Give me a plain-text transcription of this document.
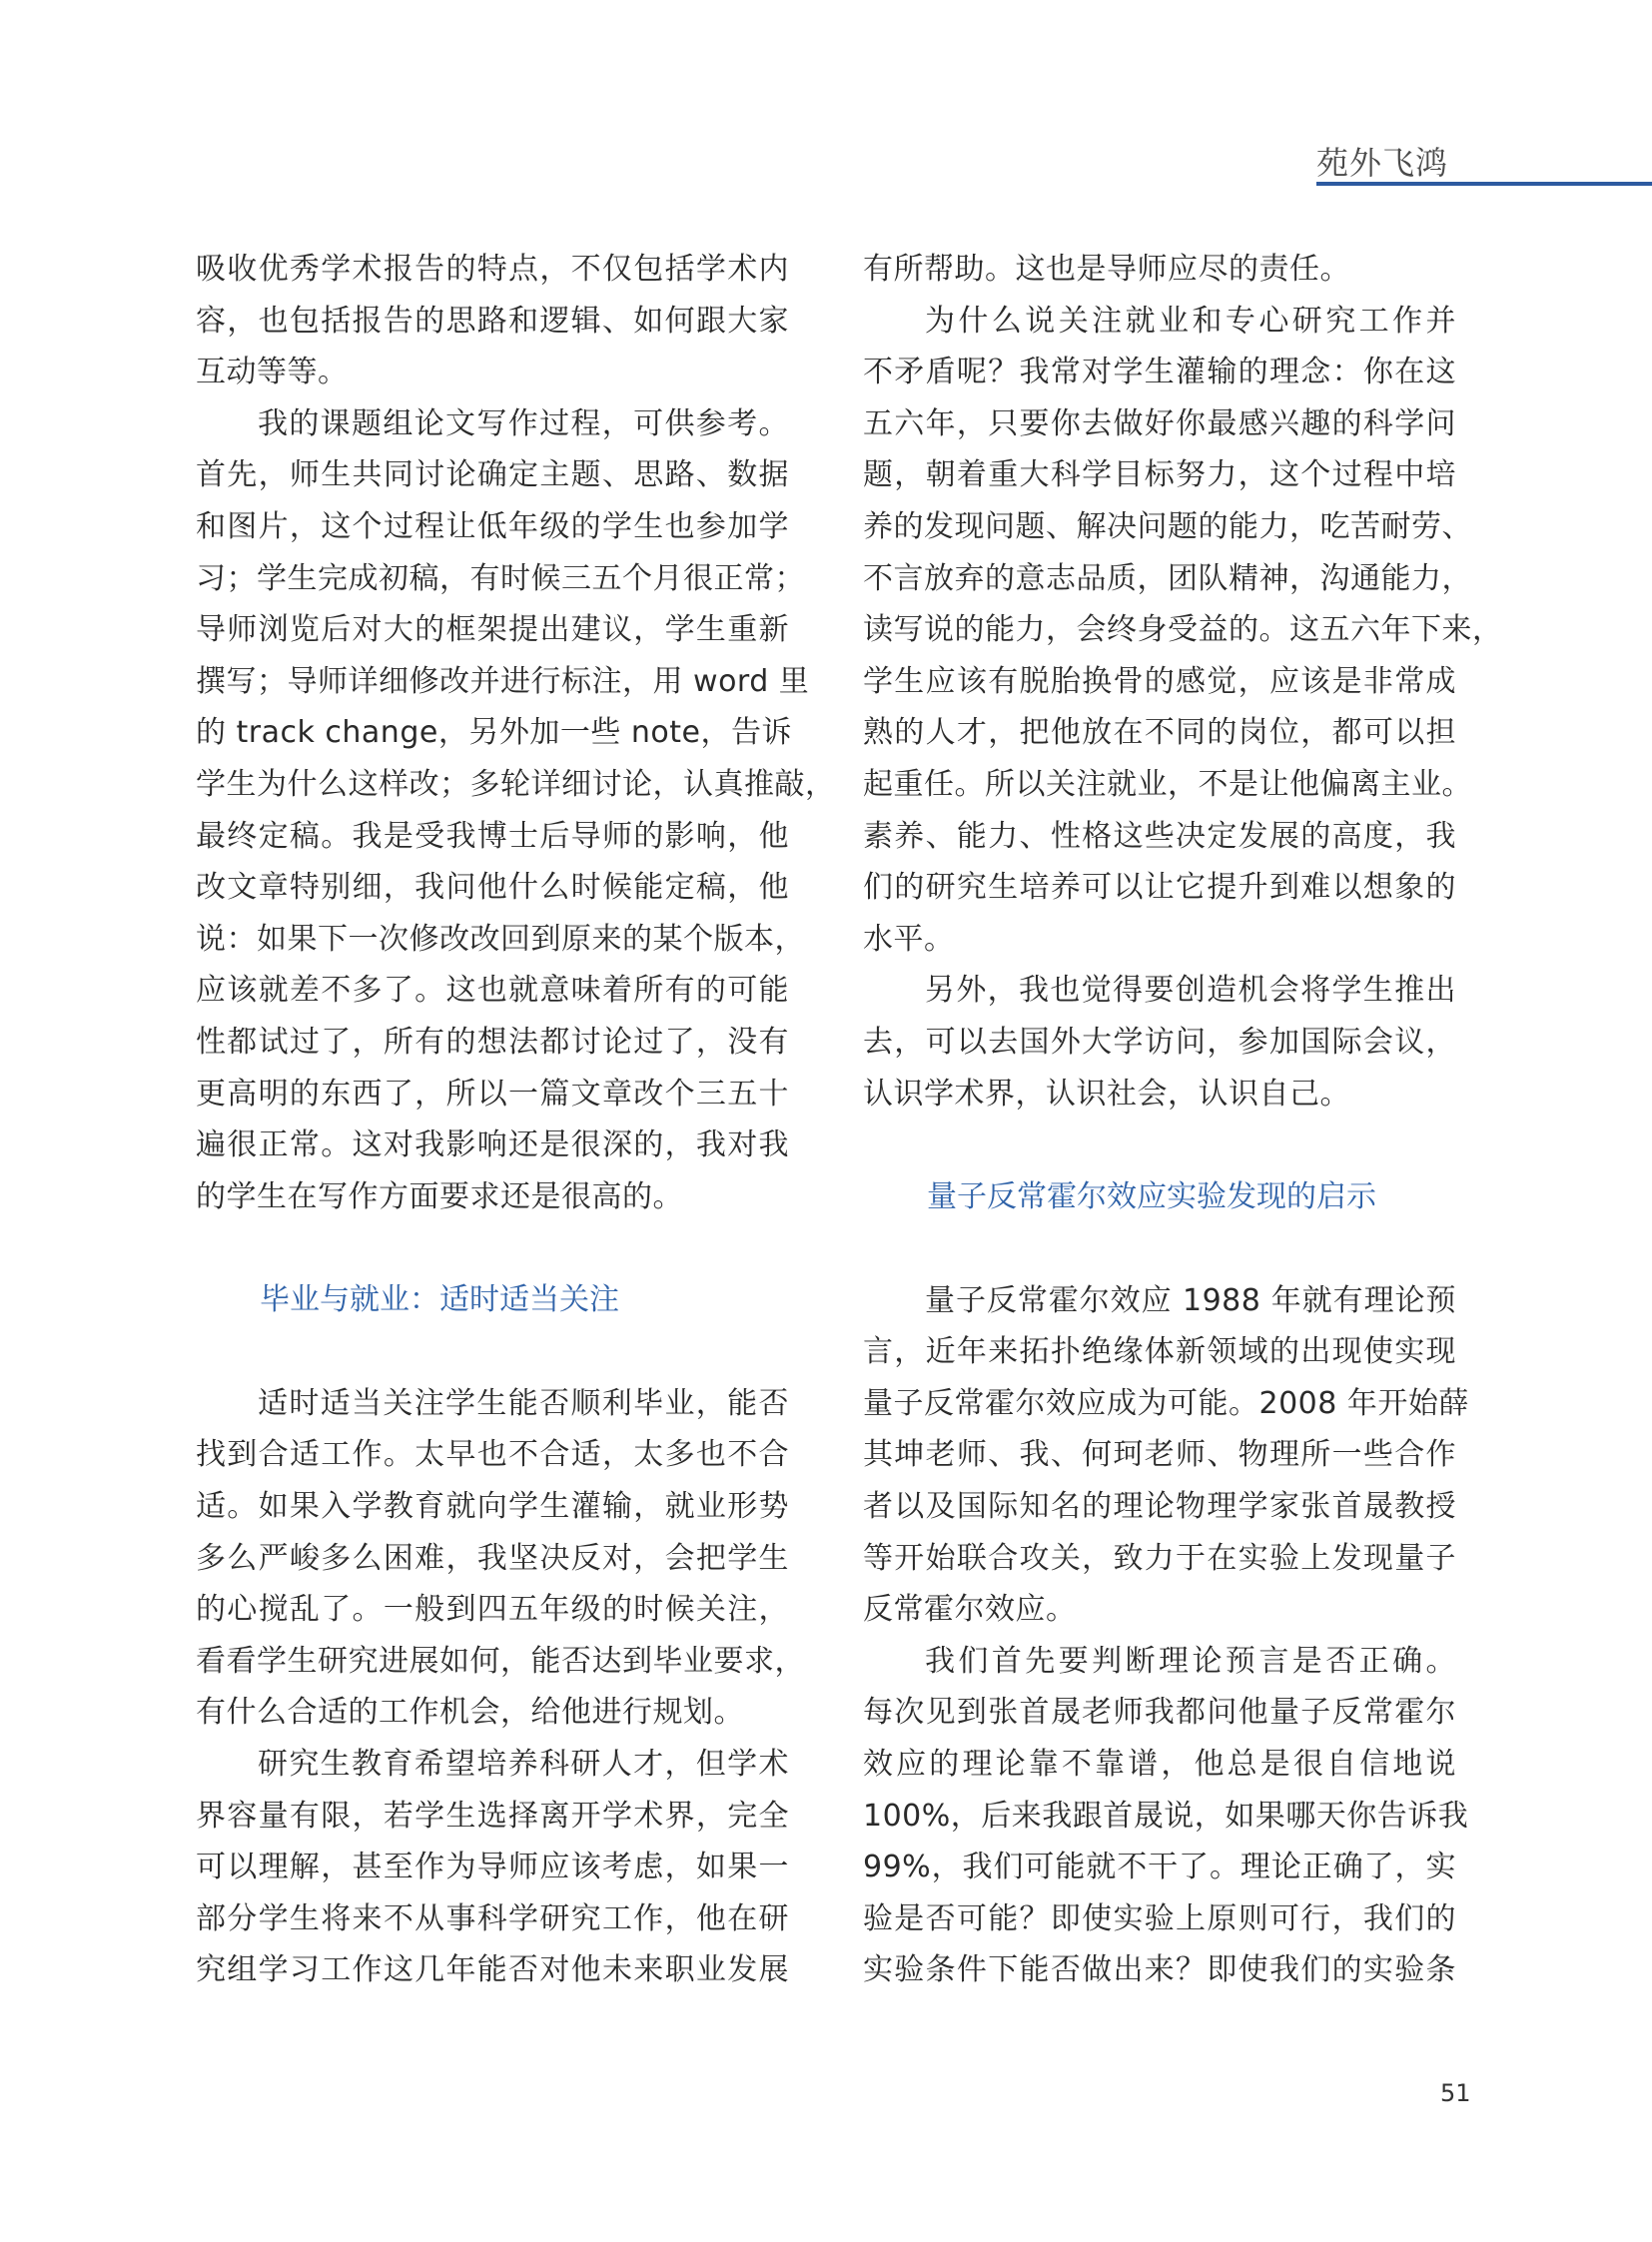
苑外飞鸿
吸收优秀学术报告的特点，不仅包括学术内
容，也包括报告的思路和逻辑、如何跟大家
互动等等。
我的课题组论文写作过程，可供参考。
首先，师生共同讨论确定主题、思路、数据
和图片，这个过程让低年级的学生也参加学
习；学生完成初稿，有时候三五个月很正常；
导师浏览后对大的框架提出建议，学生重新
撰写；导师详细修改并进行标注，用 word 里
的 track change，另外加一些 note，告诉
学生为什么这样改；多轮详细讨论，认真推敲，
最终定稿。我是受我博士后导师的影响，他
改文章特别细，我问他什么时候能定稿，他
说：如果下一次修改改回到原来的某个版本，
应该就差不多了。这也就意味着所有的可能
性都试过了，所有的想法都讨论过了，没有
更高明的东西了，所以一篇文章改个三五十
遍很正常。这对我影响还是很深的，我对我
的学生在写作方面要求还是很高的。
毕业与就业：适时适当关注
适时适当关注学生能否顺利毕业，能否
找到合适工作。太早也不合适，太多也不合
适。如果入学教育就向学生灌输，就业形势
多么严峻多么困难，我坚决反对，会把学生
的心搅乱了。一般到四五年级的时候关注，
看看学生研究进展如何，能否达到毕业要求，
有什么合适的工作机会，给他进行规划。
研究生教育希望培养科研人才，但学术
界容量有限，若学生选择离开学术界，完全
可以理解，甚至作为导师应该考虑，如果一
部分学生将来不从事科学研究工作，他在研
究组学习工作这几年能否对他未来职业发展
有所帮助。这也是导师应尽的责任。
为什么说关注就业和专心研究工作并
不矛盾呢？我常对学生灌输的理念：你在这
五六年，只要你去做好你最感兴趣的科学问
题，朝着重大科学目标努力，这个过程中培
养的发现问题、解决问题的能力，吃苦耐劳、
不言放弃的意志品质，团队精神，沟通能力，
读写说的能力，会终身受益的。这五六年下来，
学生应该有脱胎换骨的感觉，应该是非常成
熟的人才，把他放在不同的岗位，都可以担
起重任。所以关注就业，不是让他偏离主业。
素养、能力、性格这些决定发展的高度，我
们的研究生培养可以让它提升到难以想象的
水平。
另外，我也觉得要创造机会将学生推出
去，可以去国外大学访问，参加国际会议，
认识学术界，认识社会，认识自己。
量子反常霍尔效应实验发现的启示
量子反常霍尔效应 1988 年就有理论预
言，近年来拓扑绝缘体新领域的出现使实现
量子反常霍尔效应成为可能。2008 年开始薛
其坤老师、我、何珂老师、物理所一些合作
者以及国际知名的理论物理学家张首晟教授
等开始联合攻关，致力于在实验上发现量子
反常霍尔效应。
我们首先要判断理论预言是否正确。
每次见到张首晟老师我都问他量子反常霍尔
效应的理论靠不靠谱，他总是很自信地说
100%，后来我跟首晟说，如果哪天你告诉我
99%，我们可能就不干了。理论正确了，实
验是否可能？即使实验上原则可行，我们的
实验条件下能否做出来？即使我们的实验条
51
